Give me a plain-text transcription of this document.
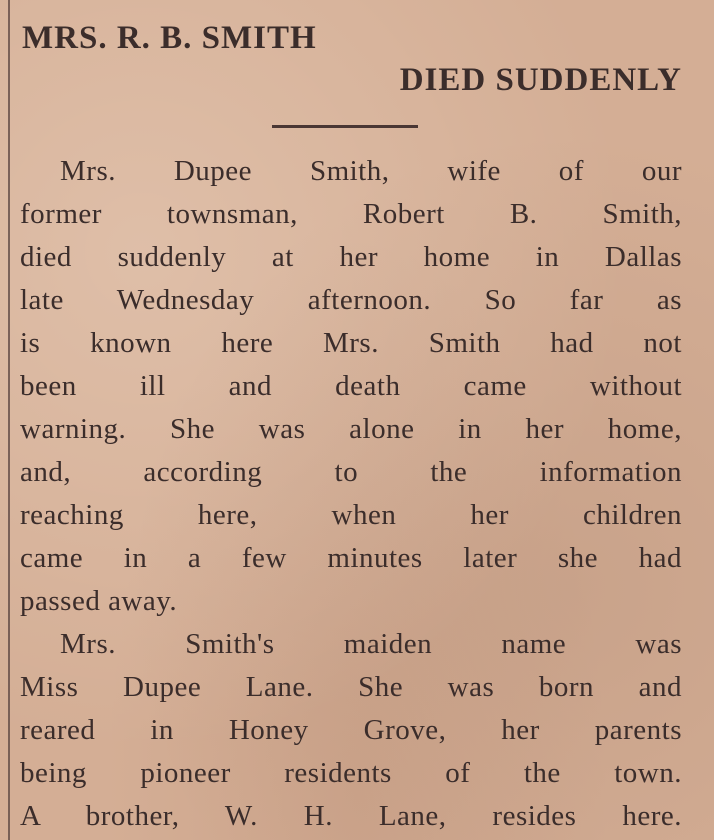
MRS. R. B. SMITH
DIED SUDDENLY
Mrs. Dupee Smith, wife of our
former townsman, Robert B. Smith,
died suddenly at her home in Dallas
late Wednesday afternoon. So far as
is known here Mrs. Smith had not
been ill and death came without
warning. She was alone in her home,
and, according to the information
reaching here, when her children
came in a few minutes later she had
passed away.
Mrs. Smith's maiden name was
Miss Dupee Lane. She was born and
reared in Honey Grove, her parents
being pioneer residents of the town.
A brother, W. H. Lane, resides here.
